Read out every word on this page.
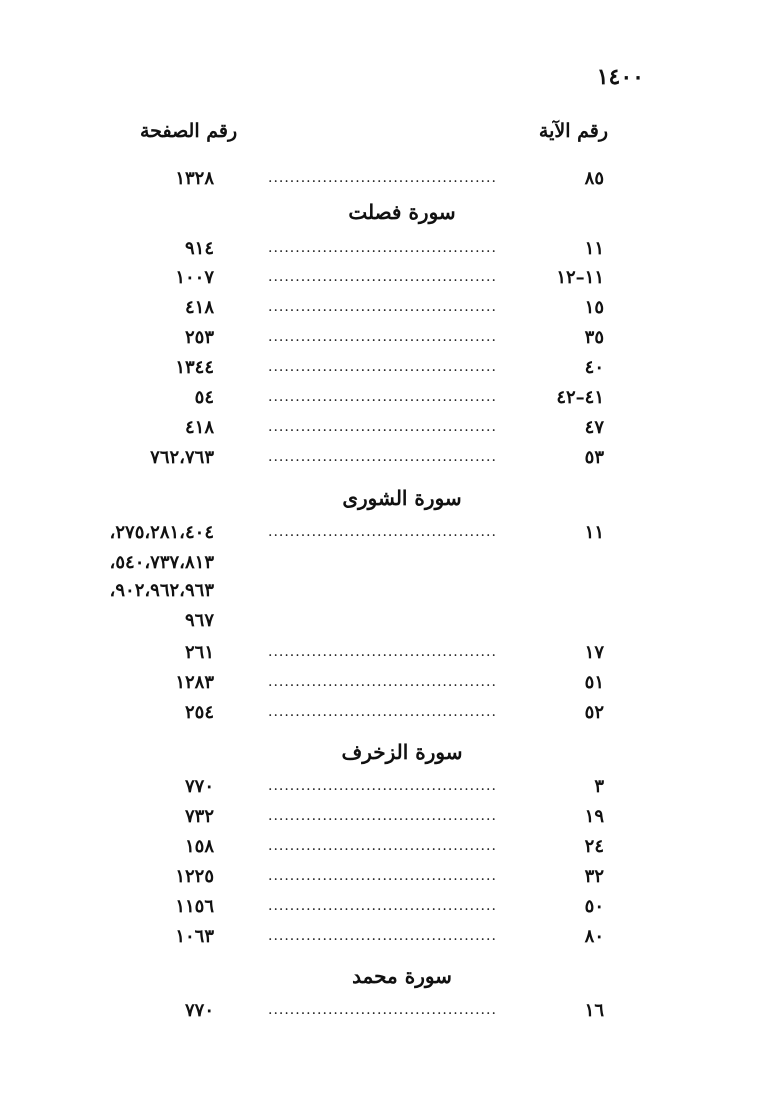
١٤٠٠
رقم الآية
رقم الصفحة
٨٥
..........................................
١٣٢٨
سورة فصلت
١١
..........................................
٩١٤
١١–١٢
..........................................
١٠٠٧
١٥
..........................................
٤١٨
٣٥
..........................................
٢٥٣
٤٠
..........................................
١٣٤٤
٤١–٤٢
..........................................
٥٤
٤٧
..........................................
٤١٨
٥٣
..........................................
٧٦٢،٧٦٣
سورة الشورى
١١
..........................................
٢٧٥،٢٨١،٤٠٤،
٥٤٠،٧٣٧،٨١٣،
٩٠٢،٩٦٢،٩٦٣،
٩٦٧
١٧
..........................................
٢٦١
٥١
..........................................
١٢٨٣
٥٢
..........................................
٢٥٤
سورة الزخرف
٣
..........................................
٧٧٠
١٩
..........................................
٧٣٢
٢٤
..........................................
١٥٨
٣٢
..........................................
١٢٢٥
٥٠
..........................................
١١٥٦
٨٠
..........................................
١٠٦٣
سورة محمد
١٦
..........................................
٧٧٠
